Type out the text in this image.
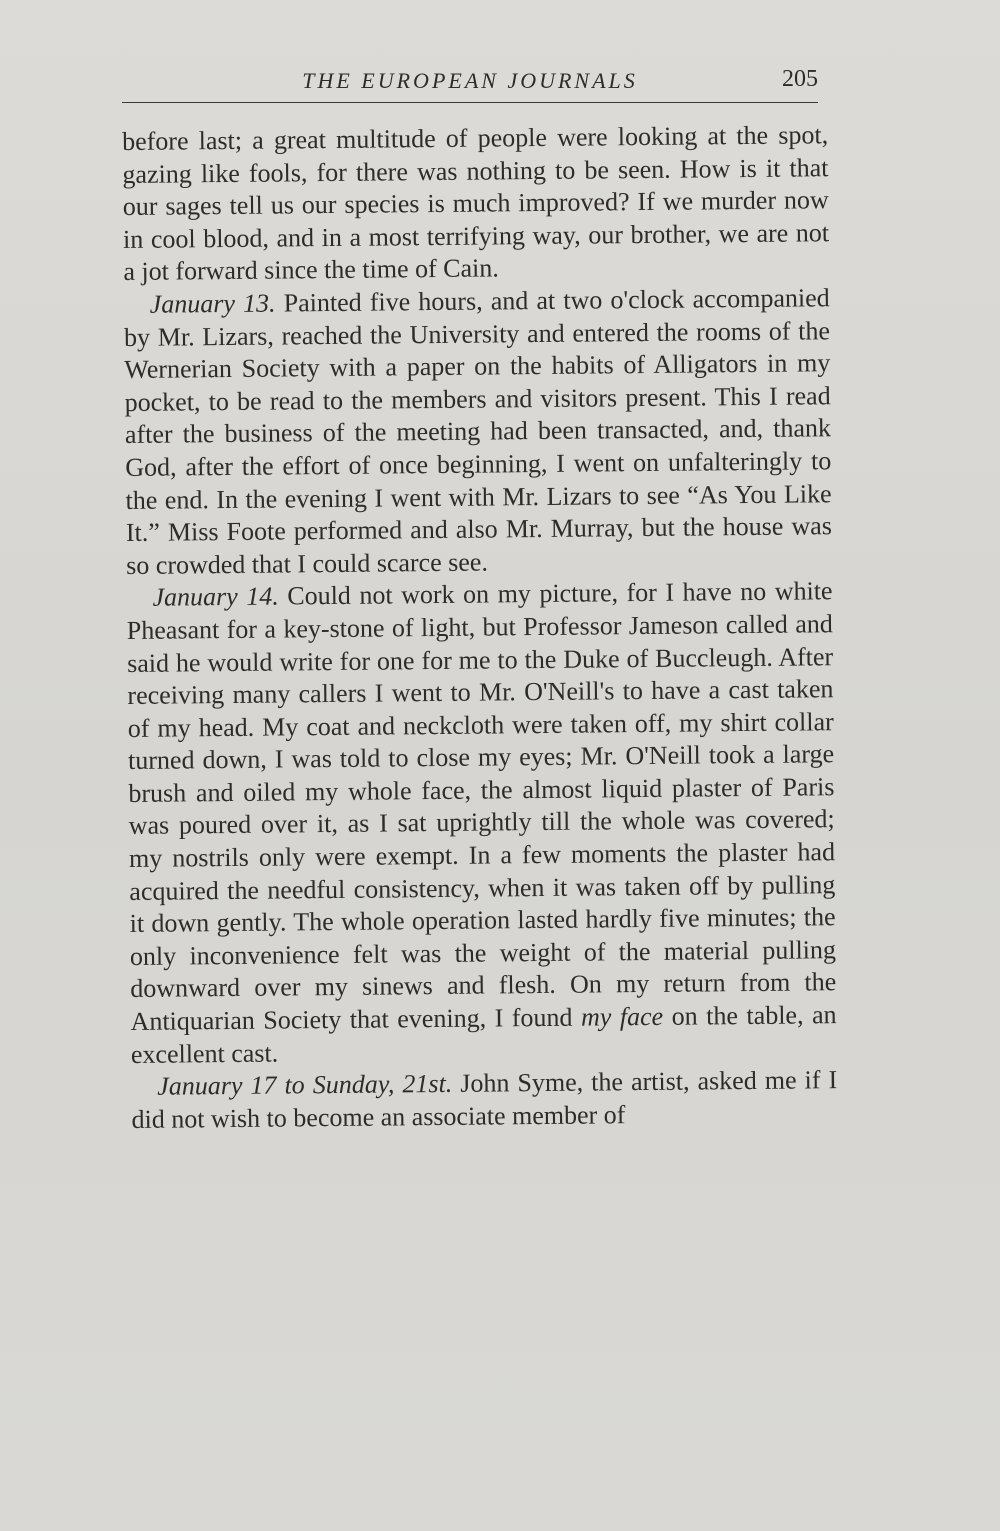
THE EUROPEAN JOURNALS	205

before last; a great multitude of people were looking at the spot, gazing like fools, for there was nothing to be seen. How is it that our sages tell us our species is much improved? If we murder now in cool blood, and in a most terrifying way, our brother, we are not a jot forward since the time of Cain.

January 13. Painted five hours, and at two o'clock accompanied by Mr. Lizars, reached the University and entered the rooms of the Wernerian Society with a paper on the habits of Alligators in my pocket, to be read to the members and visitors present. This I read after the business of the meeting had been transacted, and, thank God, after the effort of once beginning, I went on unfalteringly to the end. In the evening I went with Mr. Lizars to see “As You Like It.” Miss Foote performed and also Mr. Murray, but the house was so crowded that I could scarce see.

January 14. Could not work on my picture, for I have no white Pheasant for a key-stone of light, but Professor Jameson called and said he would write for one for me to the Duke of Buccleugh. After receiving many callers I went to Mr. O'Neill's to have a cast taken of my head. My coat and neckcloth were taken off, my shirt collar turned down, I was told to close my eyes; Mr. O'Neill took a large brush and oiled my whole face, the almost liquid plaster of Paris was poured over it, as I sat uprightly till the whole was covered; my nostrils only were exempt. In a few moments the plaster had acquired the needful consistency, when it was taken off by pulling it down gently. The whole operation lasted hardly five minutes; the only inconvenience felt was the weight of the material pulling downward over my sinews and flesh. On my return from the Antiquarian Society that evening, I found my face on the table, an excellent cast.

January 17 to Sunday, 21st. John Syme, the artist, asked me if I did not wish to become an associate member of
